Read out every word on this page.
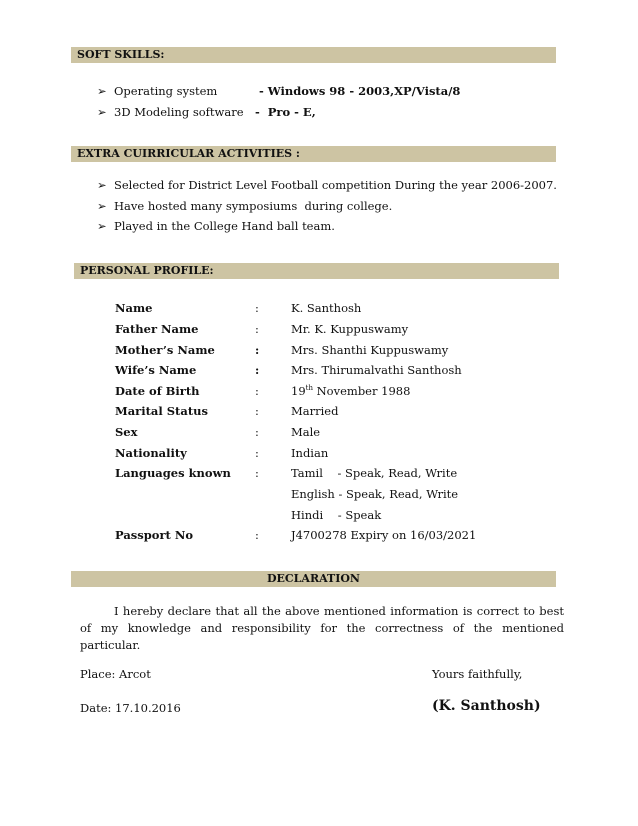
SOFT SKILLS:
➢ Operating system	- Windows 98 - 2003,XP/Vista/8
➢ 3D Modeling software -  Pro - E,
EXTRA CUIRRICULAR ACTIVITIES :
➢ Selected for District Level Football competition During the year 2006-2007.
➢ Have hosted many symposiums  during college.
➢ Played in the College Hand ball team.
PERSONAL PROFILE:
Name	:	K. Santhosh
Father Name	:	Mr. K. Kuppuswamy
Mother’s Name	:	Mrs. Shanthi Kuppuswamy
Wife’s Name	:	Mrs. Thirumalvathi Santhosh
Date of Birth	:	19th November 1988
Marital Status	:	Married
Sex	:	Male
Nationality	:	Indian
Languages known :	Tamil    - Speak, Read, Write
English - Speak, Read, Write
Hindi    - Speak
Passport No	:	J4700278 Expiry on 16/03/2021
DECLARATION
I hereby declare that all the above mentioned information is correct to best of my knowledge and responsibility for the correctness of the mentioned particular.
Place: Arcot	Yours faithfully,
Date: 17.10.2016	(K. Santhosh)
